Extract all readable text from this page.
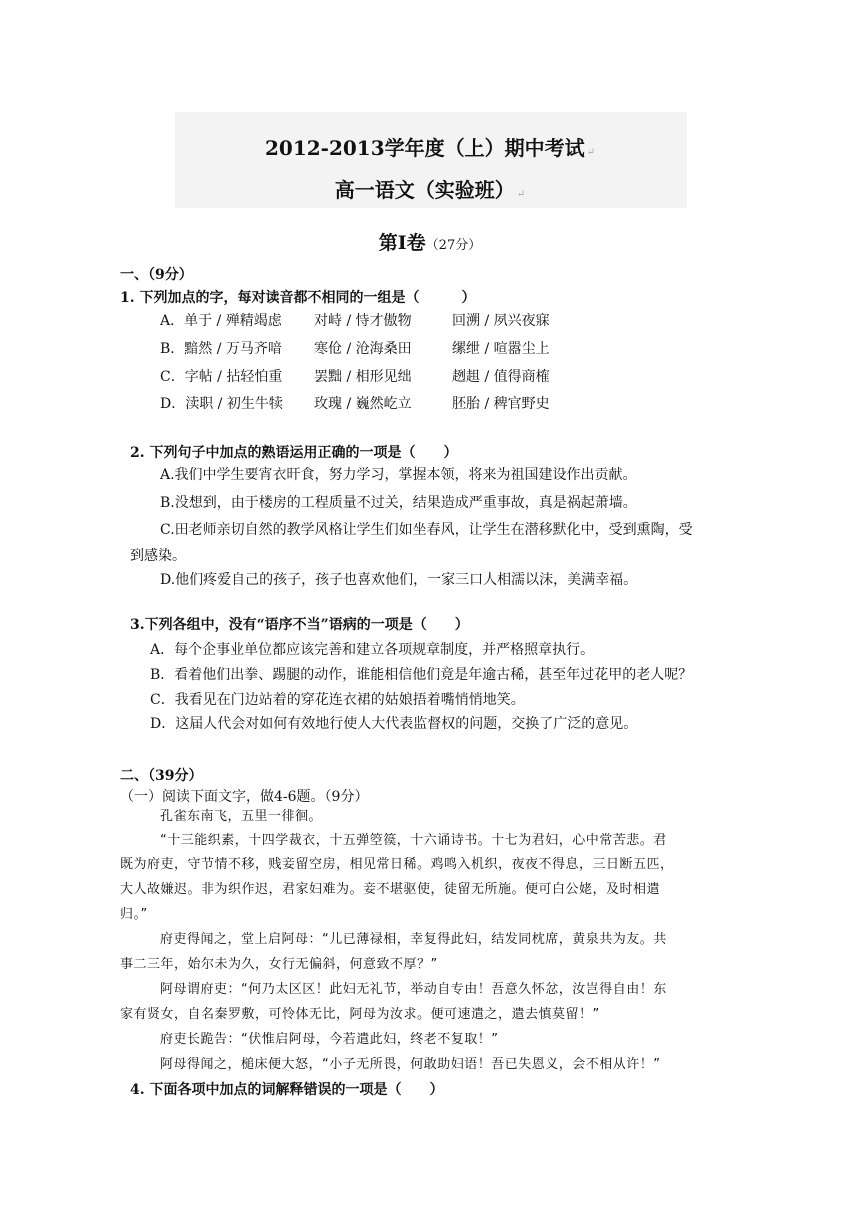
2012-2013学年度（上）期中考试 ↵
高一语文（实验班） ↵
第Ⅰ卷（27分）
一、（9分）
1. 下列加点的字，每对读音都不相同的一组是（　　　）
A．单于 / 殚精竭虑 对峙 / 恃才傲物	回溯 / 夙兴夜寐
B．黯然 / 万马齐喑 寒伧 / 沧海桑田	缧绁 / 喧嚣尘上
C．字帖 / 拈轻怕重 罢黜 / 相形见绌	趔趄 / 值得商榷
D．渎职 / 初生牛犊 玫瑰 / 巍然屹立	胚胎 / 稗官野史
2. 下列句子中加点的熟语运用正确的一项是（　　）
A.我们中学生要宵衣旰食，努力学习，掌握本领，将来为祖国建设作出贡献。
B.没想到，由于楼房的工程质量不过关，结果造成严重事故，真是祸起萧墙。
C.田老师亲切自然的教学风格让学生们如坐春风，让学生在潜移默化中，受到熏陶，受
到感染。
D.他们疼爱自己的孩子，孩子也喜欢他们，一家三口人相濡以沫，美满幸福。
3.下列各组中，没有“语序不当”语病的一项是（　　）
A．每个企事业单位都应该完善和建立各项规章制度，并严格照章执行。
B．看着他们出拳、踢腿的动作，谁能相信他们竟是年逾古稀，甚至年过花甲的老人呢？
C．我看见在门边站着的穿花连衣裙的姑娘捂着嘴悄悄地笑。
D．这届人代会对如何有效地行使人大代表监督权的问题，交换了广泛的意见。
二、（39分）
（一）阅读下面文字，做4-6题。（9分）
孔雀东南飞，五里一徘徊。
“十三能织素，十四学裁衣，十五弹箜篌，十六诵诗书。十七为君妇，心中常苦悲。君
既为府吏，守节情不移，贱妾留空房，相见常日稀。鸡鸣入机织，夜夜不得息，三日断五匹，
大人故嫌迟。非为织作迟，君家妇难为。妾不堪驱使，徒留无所施。便可白公姥，及时相遣
归。”
府吏得闻之，堂上启阿母：“儿已薄禄相，幸复得此妇，结发同枕席，黄泉共为友。共
事二三年，始尔未为久，女行无偏斜，何意致不厚？”
阿母谓府吏：“何乃太区区！此妇无礼节，举动自专由！吾意久怀忿，汝岂得自由！东
家有贤女，自名秦罗敷，可怜体无比，阿母为汝求。便可速遣之，遣去慎莫留！”
府吏长跪告：“伏惟启阿母，今若遣此妇，终老不复取！”
阿母得闻之，槌床便大怒，“小子无所畏，何敢助妇语！吾已失恩义，会不相从许！”
4. 下面各项中加点的词解释错误的一项是（　　）
